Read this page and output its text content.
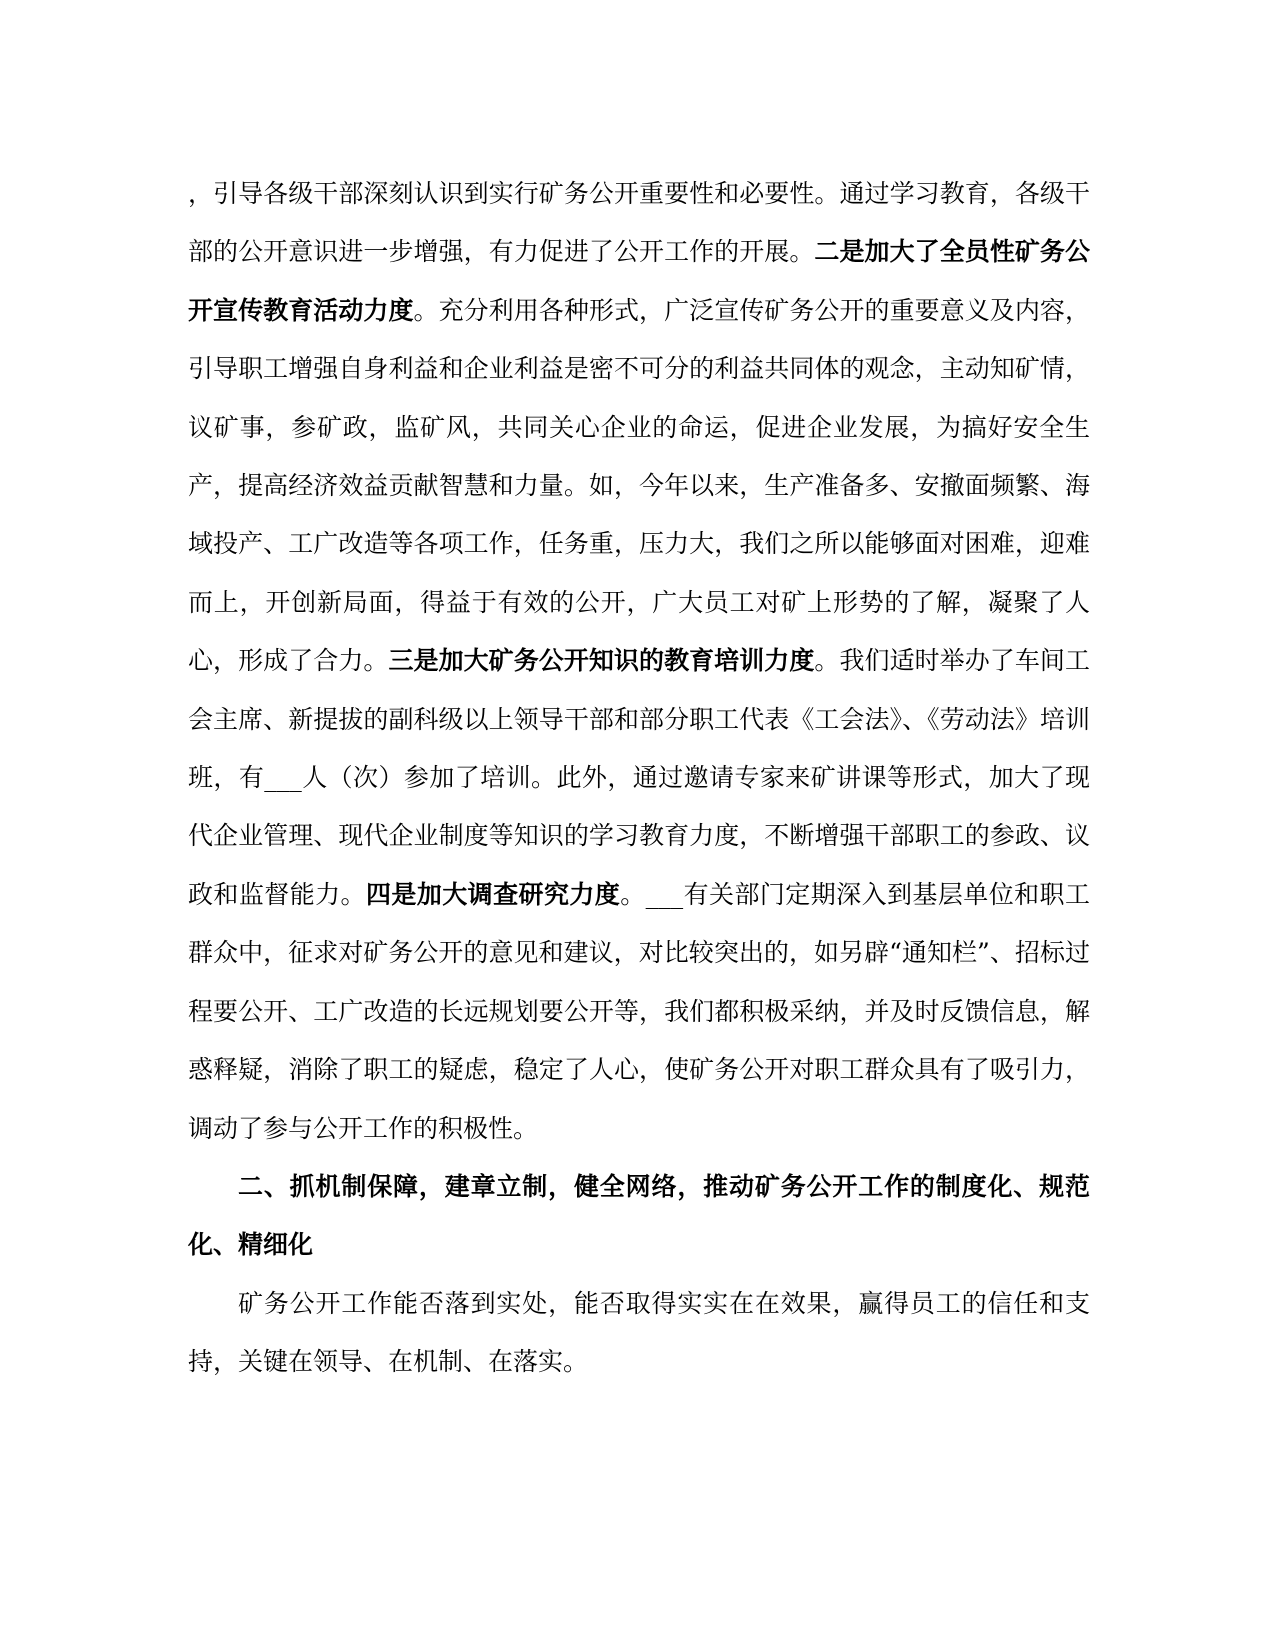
，引导各级干部深刻认识到实行矿务公开重要性和必要性。通过学习教育，各级干部的公开意识进一步增强，有力促进了公开工作的开展。二是加大了全员性矿务公开宣传教育活动力度。充分利用各种形式，广泛宣传矿务公开的重要意义及内容，引导职工增强自身利益和企业利益是密不可分的利益共同体的观念，主动知矿情，议矿事，参矿政，监矿风，共同关心企业的命运，促进企业发展，为搞好安全生产，提高经济效益贡献智慧和力量。如，今年以来，生产准备多、安撤面频繁、海域投产、工广改造等各项工作，任务重，压力大，我们之所以能够面对困难，迎难而上，开创新局面，得益于有效的公开，广大员工对矿上形势的了解，凝聚了人心，形成了合力。三是加大矿务公开知识的教育培训力度。我们适时举办了车间工会主席、新提拔的副科级以上领导干部和部分职工代表《工会法》、《劳动法》培训班，有___人（次）参加了培训。此外，通过邀请专家来矿讲课等形式，加大了现代企业管理、现代企业制度等知识的学习教育力度，不断增强干部职工的参政、议政和监督能力。四是加大调查研究力度。___有关部门定期深入到基层单位和职工群众中，征求对矿务公开的意见和建议，对比较突出的，如另辟“通知栏”、招标过程要公开、工广改造的长远规划要公开等，我们都积极采纳，并及时反馈信息，解惑释疑，消除了职工的疑虑，稳定了人心，使矿务公开对职工群众具有了吸引力，调动了参与公开工作的积极性。

二、抓机制保障，建章立制，健全网络，推动矿务公开工作的制度化、规范化、精细化

矿务公开工作能否落到实处，能否取得实实在在效果，赢得员工的信任和支持，关键在领导、在机制、在落实。
